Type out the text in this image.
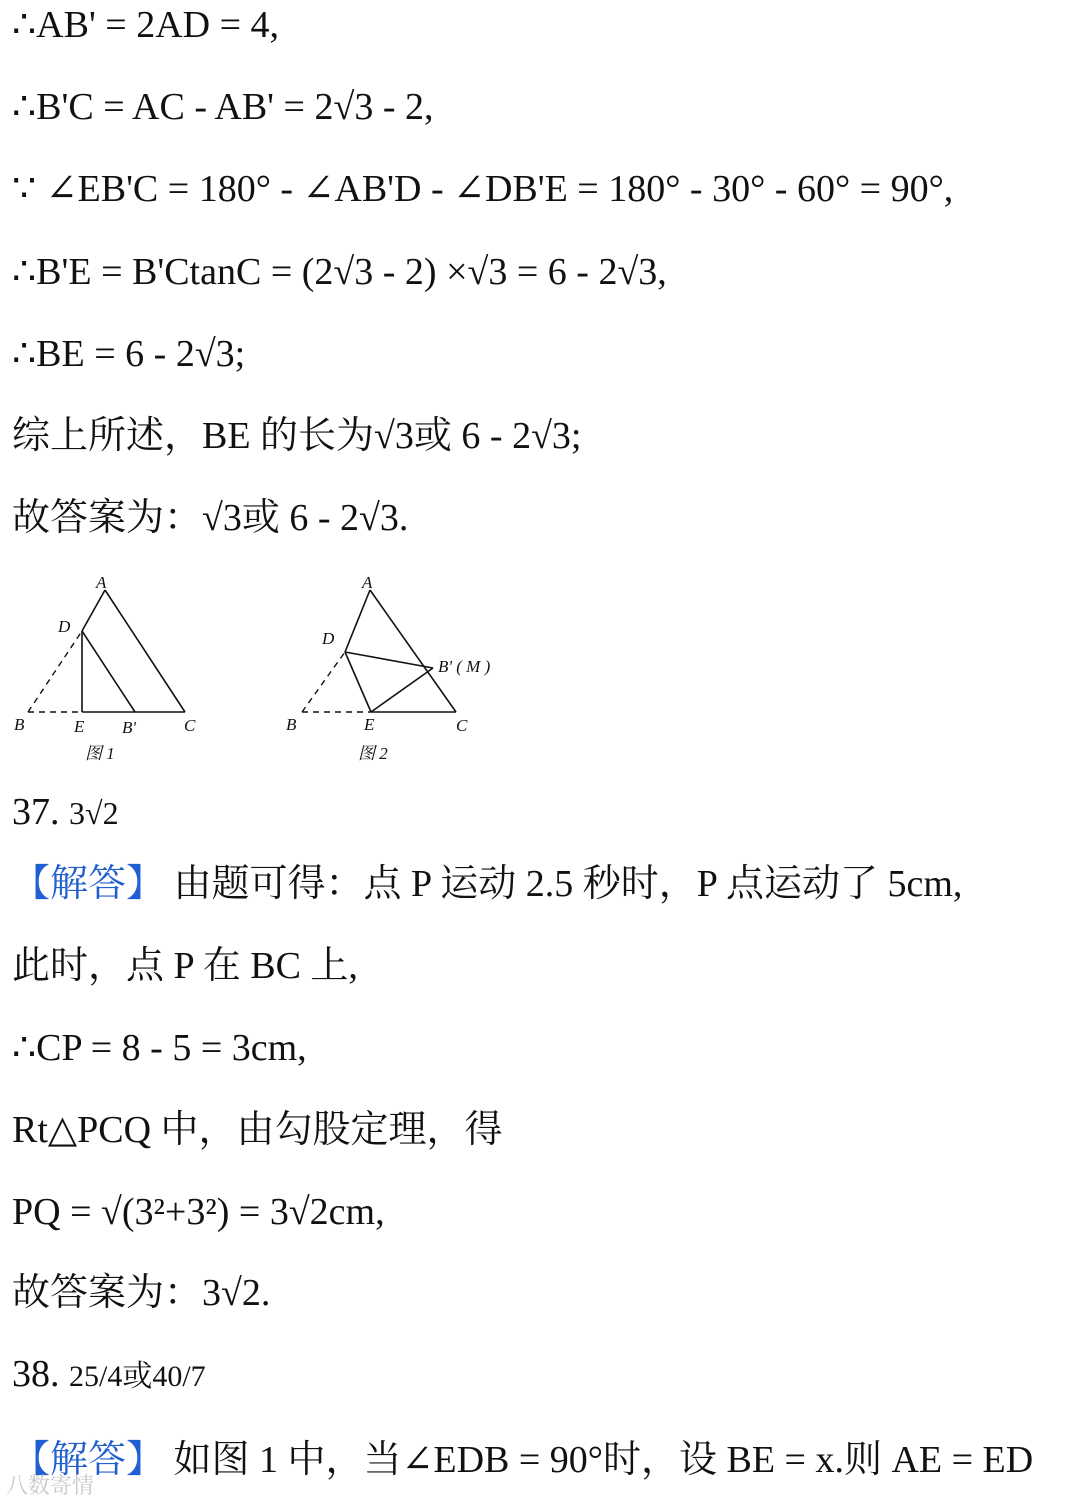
∴AB' = 2AD = 4,
∴B'C = AC - AB' = 2√3 - 2,
∵ ∠EB'C = 180° - ∠AB'D - ∠DB'E = 180° - 30° - 60° = 90°,
∴B'E = B'CtanC = (2√3 - 2) ×√3 = 6 - 2√3,
∴BE = 6 - 2√3;
综上所述，BE 的长为√3或 6 - 2√3;
故答案为：√3或 6 - 2√3.
A
D
B	E B'	C
图 1
A
D
B' ( M )
B	E	C
图 2
37. 3√2
【解答】 由题可得：点 P 运动 2.5 秒时，P 点运动了 5cm,
此时，点 P 在 BC 上,
∴CP = 8 - 5 = 3cm,
Rt△PCQ 中，由勾股定理，得
PQ = √(3²+3²) = 3√2cm,
故答案为：3√2.
38. 25/4或40/7
【解答】 如图 1 中，当∠EDB = 90°时，设 BE = x.则 AE = ED
八数寄情
